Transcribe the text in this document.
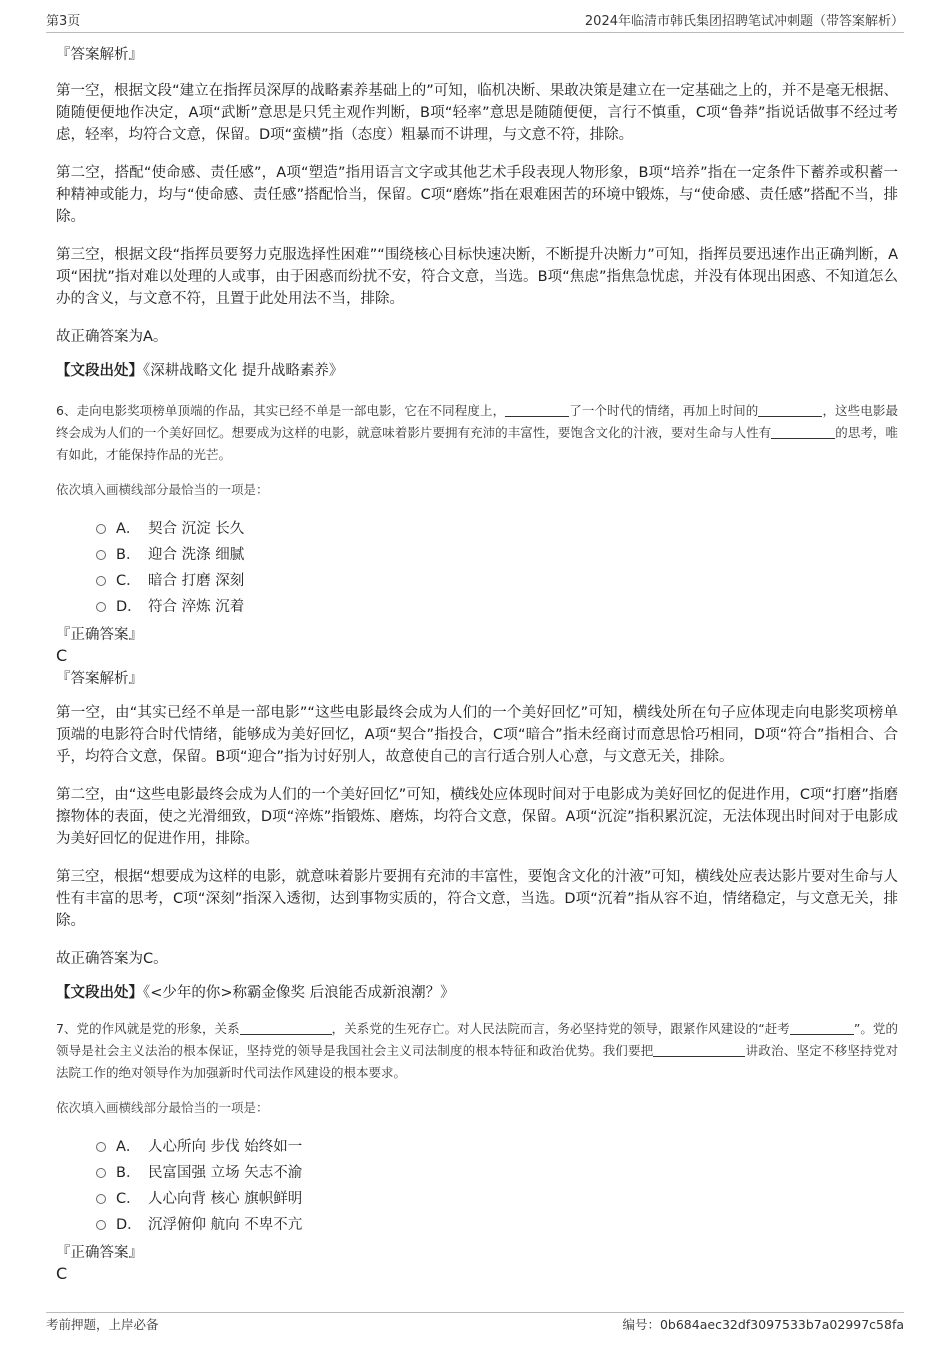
第3页	2024年临清市韩氏集团招聘笔试冲刺题（带答案解析）

『答案解析』

第一空，根据文段“建立在指挥员深厚的战略素养基础上的”可知，临机决断、果敢决策是建立在一定基础之上的，并不是毫无根据、随随便便地作决定，A项“武断”意思是只凭主观作判断，B项“轻率”意思是随随便便，言行不慎重，C项“鲁莽”指说话做事不经过考虑，轻率，均符合文意，保留。D项“蛮横”指（态度）粗暴而不讲理，与文意不符，排除。

第二空，搭配“使命感、责任感”，A项“塑造”指用语言文字或其他艺术手段表现人物形象，B项“培养”指在一定条件下蓄养或积蓄一种精神或能力，均与“使命感、责任感”搭配恰当，保留。C项“磨炼”指在艰难困苦的环境中锻炼，与“使命感、责任感”搭配不当，排除。

第三空，根据文段“指挥员要努力克服选择性困难”“围绕核心目标快速决断，不断提升决断力”可知，指挥员要迅速作出正确判断，A项“困扰”指对难以处理的人或事，由于困惑而纷扰不安，符合文意，当选。B项“焦虑”指焦急忧虑，并没有体现出困惑、不知道怎么办的含义，与文意不符，且置于此处用法不当，排除。

故正确答案为A。

【文段出处】《深耕战略文化 提升战略素养》

6、走向电影奖项榜单顶端的作品，其实已经不单是一部电影，它在不同程度上，	了一个时代的情绪，再加上时间的	，这些电影最终会成为人们的一个美好回忆。想要成为这样的电影，就意味着影片要拥有充沛的丰富性，要饱含文化的汁液，要对生命与人性有	的思考，唯有如此，才能保持作品的光芒。

依次填入画横线部分最恰当的一项是：

A． 契合 沉淀 长久
B． 迎合 洗涤 细腻
C． 暗合 打磨 深刻
D． 符合 淬炼 沉着

『正确答案』

C

『答案解析』

第一空，由“其实已经不单是一部电影”“这些电影最终会成为人们的一个美好回忆”可知，横线处所在句子应体现走向电影奖项榜单顶端的电影符合时代情绪，能够成为美好回忆，A项“契合”指投合，C项“暗合”指未经商讨而意思恰巧相同，D项“符合”指相合、合乎，均符合文意，保留。B项“迎合”指为讨好别人，故意使自己的言行适合别人心意，与文意无关，排除。

第二空，由“这些电影最终会成为人们的一个美好回忆”可知，横线处应体现时间对于电影成为美好回忆的促进作用，C项“打磨”指磨擦物体的表面，使之光滑细致，D项“淬炼”指锻炼、磨炼，均符合文意，保留。A项“沉淀”指积累沉淀，无法体现出时间对于电影成为美好回忆的促进作用，排除。

第三空，根据“想要成为这样的电影，就意味着影片要拥有充沛的丰富性，要饱含文化的汁液”可知，横线处应表达影片要对生命与人性有丰富的思考，C项“深刻”指深入透彻，达到事物实质的，符合文意，当选。D项“沉着”指从容不迫，情绪稳定，与文意无关，排除。

故正确答案为C。

【文段出处】《<少年的你>称霸金像奖 后浪能否成新浪潮？》

7、党的作风就是党的形象，关系	，关系党的生死存亡。对人民法院而言，务必坚持党的领导，跟紧作风建设的“赶考	”。党的领导是社会主义法治的根本保证，坚持党的领导是我国社会主义司法制度的根本特征和政治优势。我们要把	讲政治、坚定不移坚持党对法院工作的绝对领导作为加强新时代司法作风建设的根本要求。

依次填入画横线部分最恰当的一项是：

A． 人心所向 步伐 始终如一
B． 民富国强 立场 矢志不渝
C． 人心向背 核心 旗帜鲜明
D． 沉浮俯仰 航向 不卑不亢

『正确答案』

C

考前押题，上岸必备	编号：0b684aec32df3097533b7a02997c58fa
